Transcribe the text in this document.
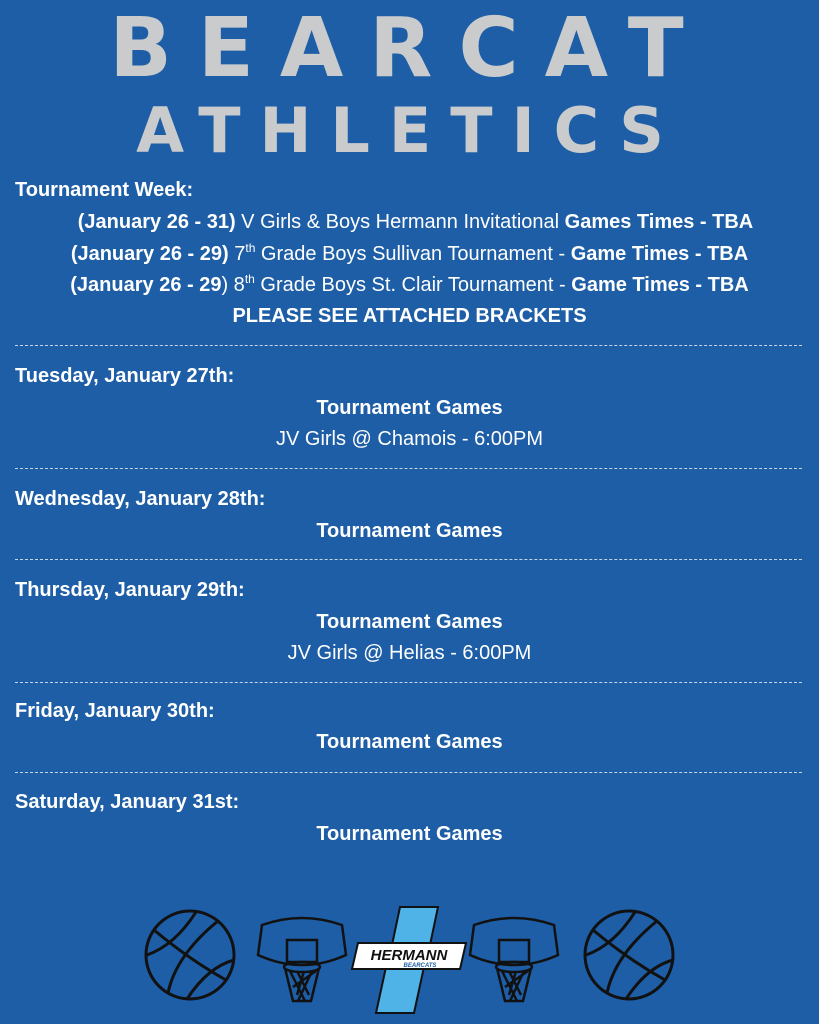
BEARCAT
ATHLETICS
Tournament Week:
(January 26 - 31) V Girls & Boys Hermann Invitational Games Times - TBA
(January 26 - 29) 7th Grade Boys Sullivan Tournament - Game Times - TBA
(January 26 - 29) 8th Grade Boys St. Clair Tournament - Game Times - TBA
PLEASE SEE ATTACHED BRACKETS
Tuesday, January 27th:
Tournament Games
JV Girls @ Chamois - 6:00PM
Wednesday, January 28th:
Tournament Games
Thursday, January 29th:
Tournament Games
JV Girls @ Helias - 6:00PM
Friday, January 30th:
Tournament Games
Saturday, January 31st:
Tournament Games
HERMANN
BEARCATS
